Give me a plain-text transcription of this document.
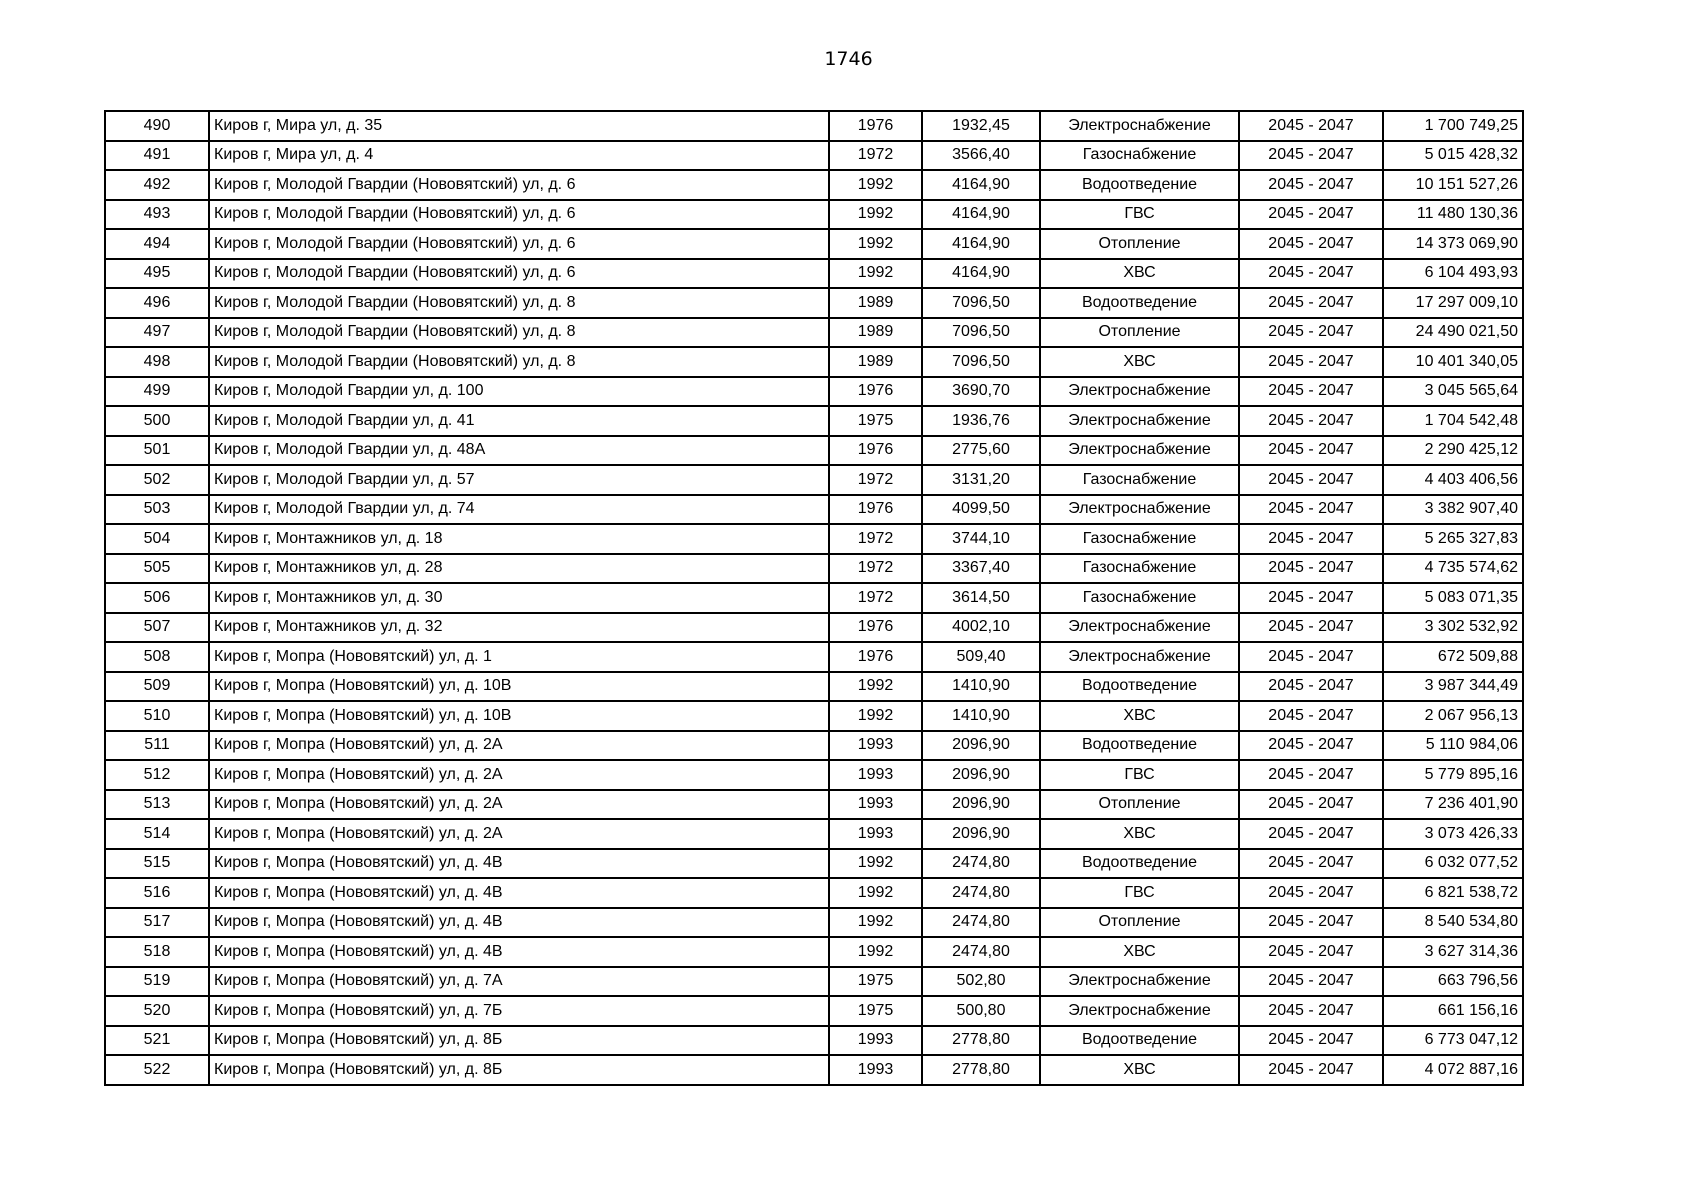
1746
490	Киров г, Мира ул, д. 35	1976	1932,45	Электроснабжение	2045 - 2047	1 700 749,25
491	Киров г, Мира ул, д. 4	1972	3566,40	Газоснабжение	2045 - 2047	5 015 428,32
492	Киров г, Молодой Гвардии (Нововятский) ул, д. 6	1992	4164,90	Водоотведение	2045 - 2047	10 151 527,26
493	Киров г, Молодой Гвардии (Нововятский) ул, д. 6	1992	4164,90	ГВС	2045 - 2047	11 480 130,36
494	Киров г, Молодой Гвардии (Нововятский) ул, д. 6	1992	4164,90	Отопление	2045 - 2047	14 373 069,90
495	Киров г, Молодой Гвардии (Нововятский) ул, д. 6	1992	4164,90	ХВС	2045 - 2047	6 104 493,93
496	Киров г, Молодой Гвардии (Нововятский) ул, д. 8	1989	7096,50	Водоотведение	2045 - 2047	17 297 009,10
497	Киров г, Молодой Гвардии (Нововятский) ул, д. 8	1989	7096,50	Отопление	2045 - 2047	24 490 021,50
498	Киров г, Молодой Гвардии (Нововятский) ул, д. 8	1989	7096,50	ХВС	2045 - 2047	10 401 340,05
499	Киров г, Молодой Гвардии ул, д. 100	1976	3690,70	Электроснабжение	2045 - 2047	3 045 565,64
500	Киров г, Молодой Гвардии ул, д. 41	1975	1936,76	Электроснабжение	2045 - 2047	1 704 542,48
501	Киров г, Молодой Гвардии ул, д. 48А	1976	2775,60	Электроснабжение	2045 - 2047	2 290 425,12
502	Киров г, Молодой Гвардии ул, д. 57	1972	3131,20	Газоснабжение	2045 - 2047	4 403 406,56
503	Киров г, Молодой Гвардии ул, д. 74	1976	4099,50	Электроснабжение	2045 - 2047	3 382 907,40
504	Киров г, Монтажников ул, д. 18	1972	3744,10	Газоснабжение	2045 - 2047	5 265 327,83
505	Киров г, Монтажников ул, д. 28	1972	3367,40	Газоснабжение	2045 - 2047	4 735 574,62
506	Киров г, Монтажников ул, д. 30	1972	3614,50	Газоснабжение	2045 - 2047	5 083 071,35
507	Киров г, Монтажников ул, д. 32	1976	4002,10	Электроснабжение	2045 - 2047	3 302 532,92
508	Киров г, Мопра (Нововятский) ул, д. 1	1976	509,40	Электроснабжение	2045 - 2047	672 509,88
509	Киров г, Мопра (Нововятский) ул, д. 10В	1992	1410,90	Водоотведение	2045 - 2047	3 987 344,49
510	Киров г, Мопра (Нововятский) ул, д. 10В	1992	1410,90	ХВС	2045 - 2047	2 067 956,13
511	Киров г, Мопра (Нововятский) ул, д. 2А	1993	2096,90	Водоотведение	2045 - 2047	5 110 984,06
512	Киров г, Мопра (Нововятский) ул, д. 2А	1993	2096,90	ГВС	2045 - 2047	5 779 895,16
513	Киров г, Мопра (Нововятский) ул, д. 2А	1993	2096,90	Отопление	2045 - 2047	7 236 401,90
514	Киров г, Мопра (Нововятский) ул, д. 2А	1993	2096,90	ХВС	2045 - 2047	3 073 426,33
515	Киров г, Мопра (Нововятский) ул, д. 4В	1992	2474,80	Водоотведение	2045 - 2047	6 032 077,52
516	Киров г, Мопра (Нововятский) ул, д. 4В	1992	2474,80	ГВС	2045 - 2047	6 821 538,72
517	Киров г, Мопра (Нововятский) ул, д. 4В	1992	2474,80	Отопление	2045 - 2047	8 540 534,80
518	Киров г, Мопра (Нововятский) ул, д. 4В	1992	2474,80	ХВС	2045 - 2047	3 627 314,36
519	Киров г, Мопра (Нововятский) ул, д. 7А	1975	502,80	Электроснабжение	2045 - 2047	663 796,56
520	Киров г, Мопра (Нововятский) ул, д. 7Б	1975	500,80	Электроснабжение	2045 - 2047	661 156,16
521	Киров г, Мопра (Нововятский) ул, д. 8Б	1993	2778,80	Водоотведение	2045 - 2047	6 773 047,12
522	Киров г, Мопра (Нововятский) ул, д. 8Б	1993	2778,80	ХВС	2045 - 2047	4 072 887,16
